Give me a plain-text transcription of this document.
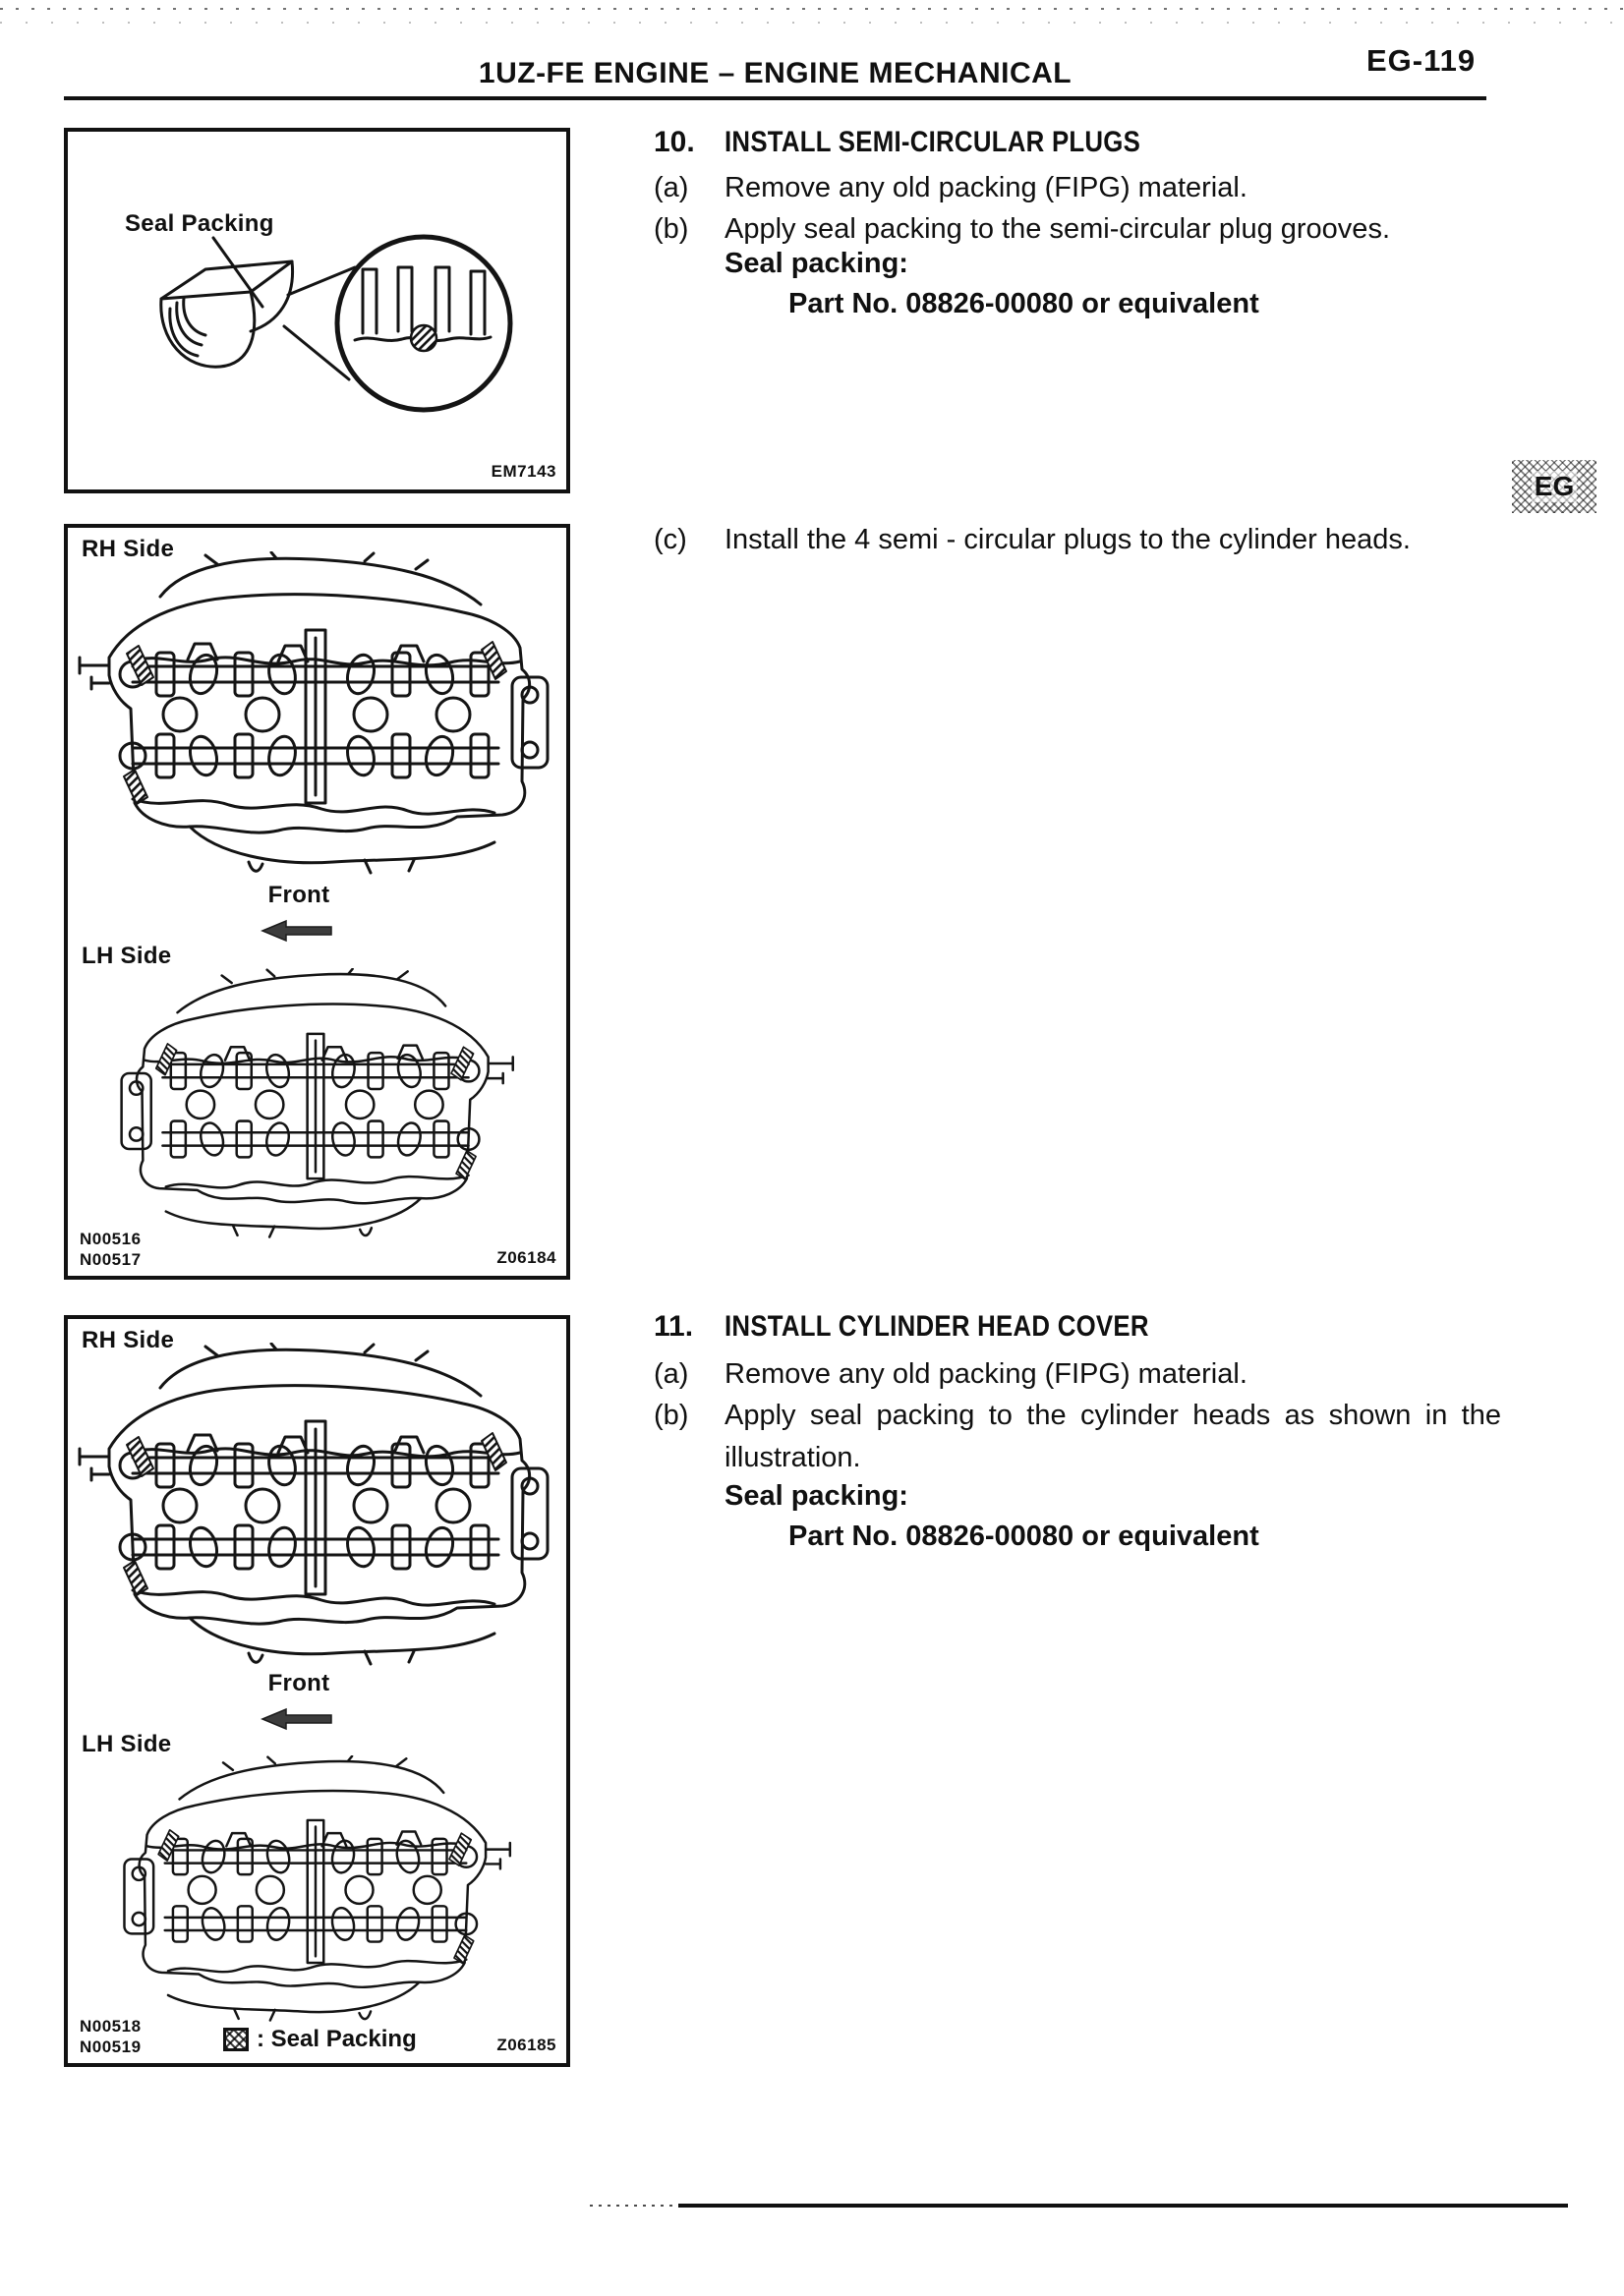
1UZ-FE ENGINE – ENGINE MECHANICAL	EG-119
EG
Seal Packing
EM7143
10.	INSTALL SEMI-CIRCULAR PLUGS
(a)	Remove any old packing (FIPG) material.
(b)	Apply seal packing to the semi-circular plug grooves.
Seal packing:
Part No. 08826-00080 or equivalent
(c)	Install the 4 semi - circular plugs to the cylinder heads.
RH Side
Front
LH Side
N00516
N00517	Z06184
11.	INSTALL CYLINDER HEAD COVER
(a)	Remove any old packing (FIPG) material.
(b)	Apply seal packing to the cylinder heads as shown in the illustration.
Seal packing:
Part No. 08826-00080 or equivalent
RH Side
Front
LH Side
: Seal Packing
N00518
N00519	Z06185
